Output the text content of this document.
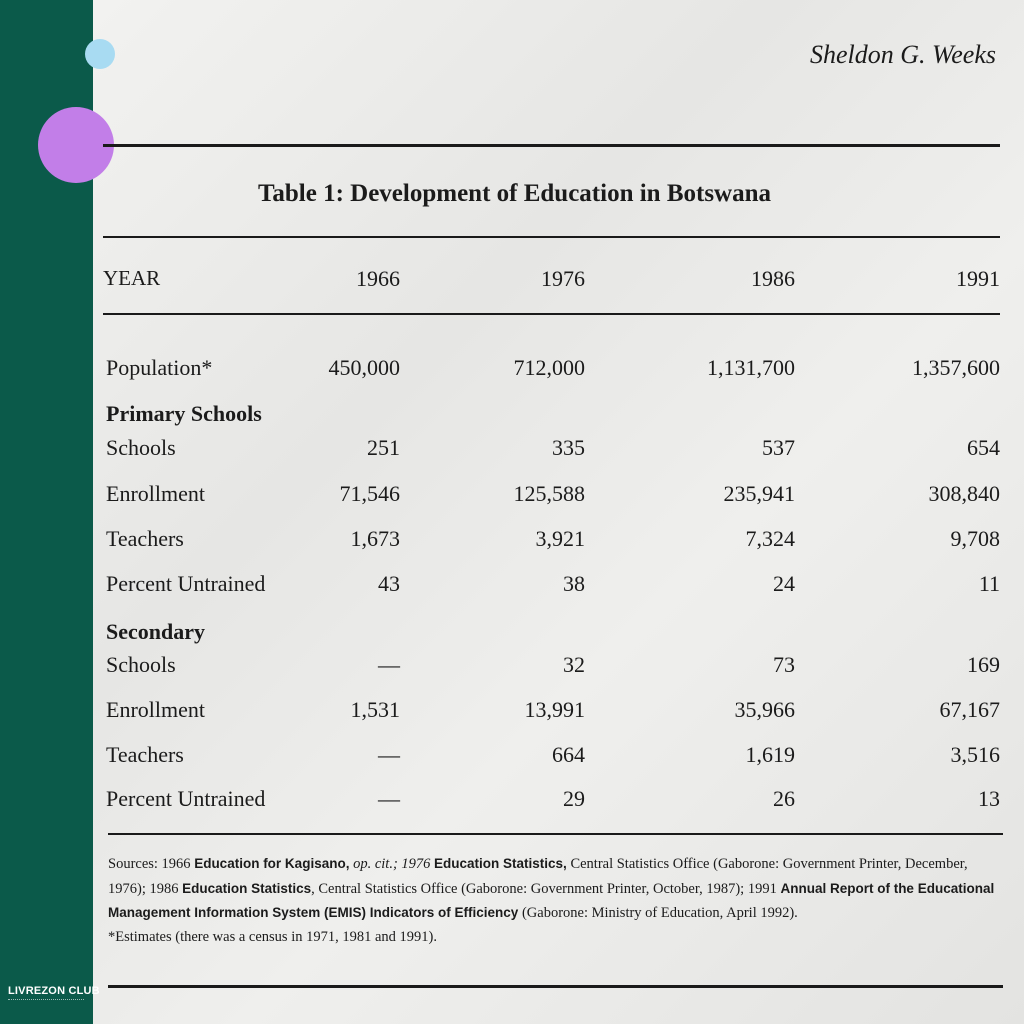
LIVREZON CLUB
Sheldon G. Weeks
Table 1: Development of Education in Botswana
YEAR	1966	1976	1986	1991
Population*	450,000	712,000	1,131,700	1,357,600
Primary Schools
Schools	251	335	537	654
Enrollment	71,546	125,588	235,941	308,840
Teachers	1,673	3,921	7,324	9,708
Percent Untrained	43	38	24	11
Secondary
Schools	—	32	73	169
Enrollment	1,531	13,991	35,966	67,167
Teachers	—	664	1,619	3,516
Percent Untrained	—	29	26	13
Sources: 1966 Education for Kagisano, op. cit.; 1976 Education Statistics, Central Statistics Office (Gaborone: Government Printer, December, 1976); 1986 Education Statistics, Central Statistics Office (Gaborone: Government Printer, October, 1987); 1991 Annual Report of the Educational Management Information System (EMIS) Indicators of Efficiency (Gaborone: Ministry of Education, April 1992).
*Estimates (there was a census in 1971, 1981 and 1991).
